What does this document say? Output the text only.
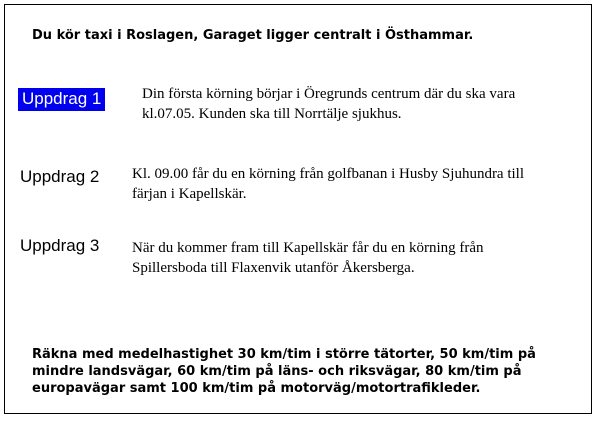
Du kör taxi i Roslagen, Garaget ligger centralt i Östhammar.
Uppdrag 1	Din första körning börjar i Öregrunds centrum där du ska vara
kl.07.05. Kunden ska till Norrtälje sjukhus.
Uppdrag 2 Kl. 09.00 får du en körning från golfbanan i Husby Sjuhundra till
färjan i Kapellskär.
Uppdrag 3 När du kommer fram till Kapellskär får du en körning från
Spillersboda till Flaxenvik utanför Åkersberga.
Räkna med medelhastighet 30 km/tim i större tätorter, 50 km/tim på
mindre landsvägar, 60 km/tim på läns- och riksvägar, 80 km/tim på
europavägar samt 100 km/tim på motorväg/motortrafikleder.
